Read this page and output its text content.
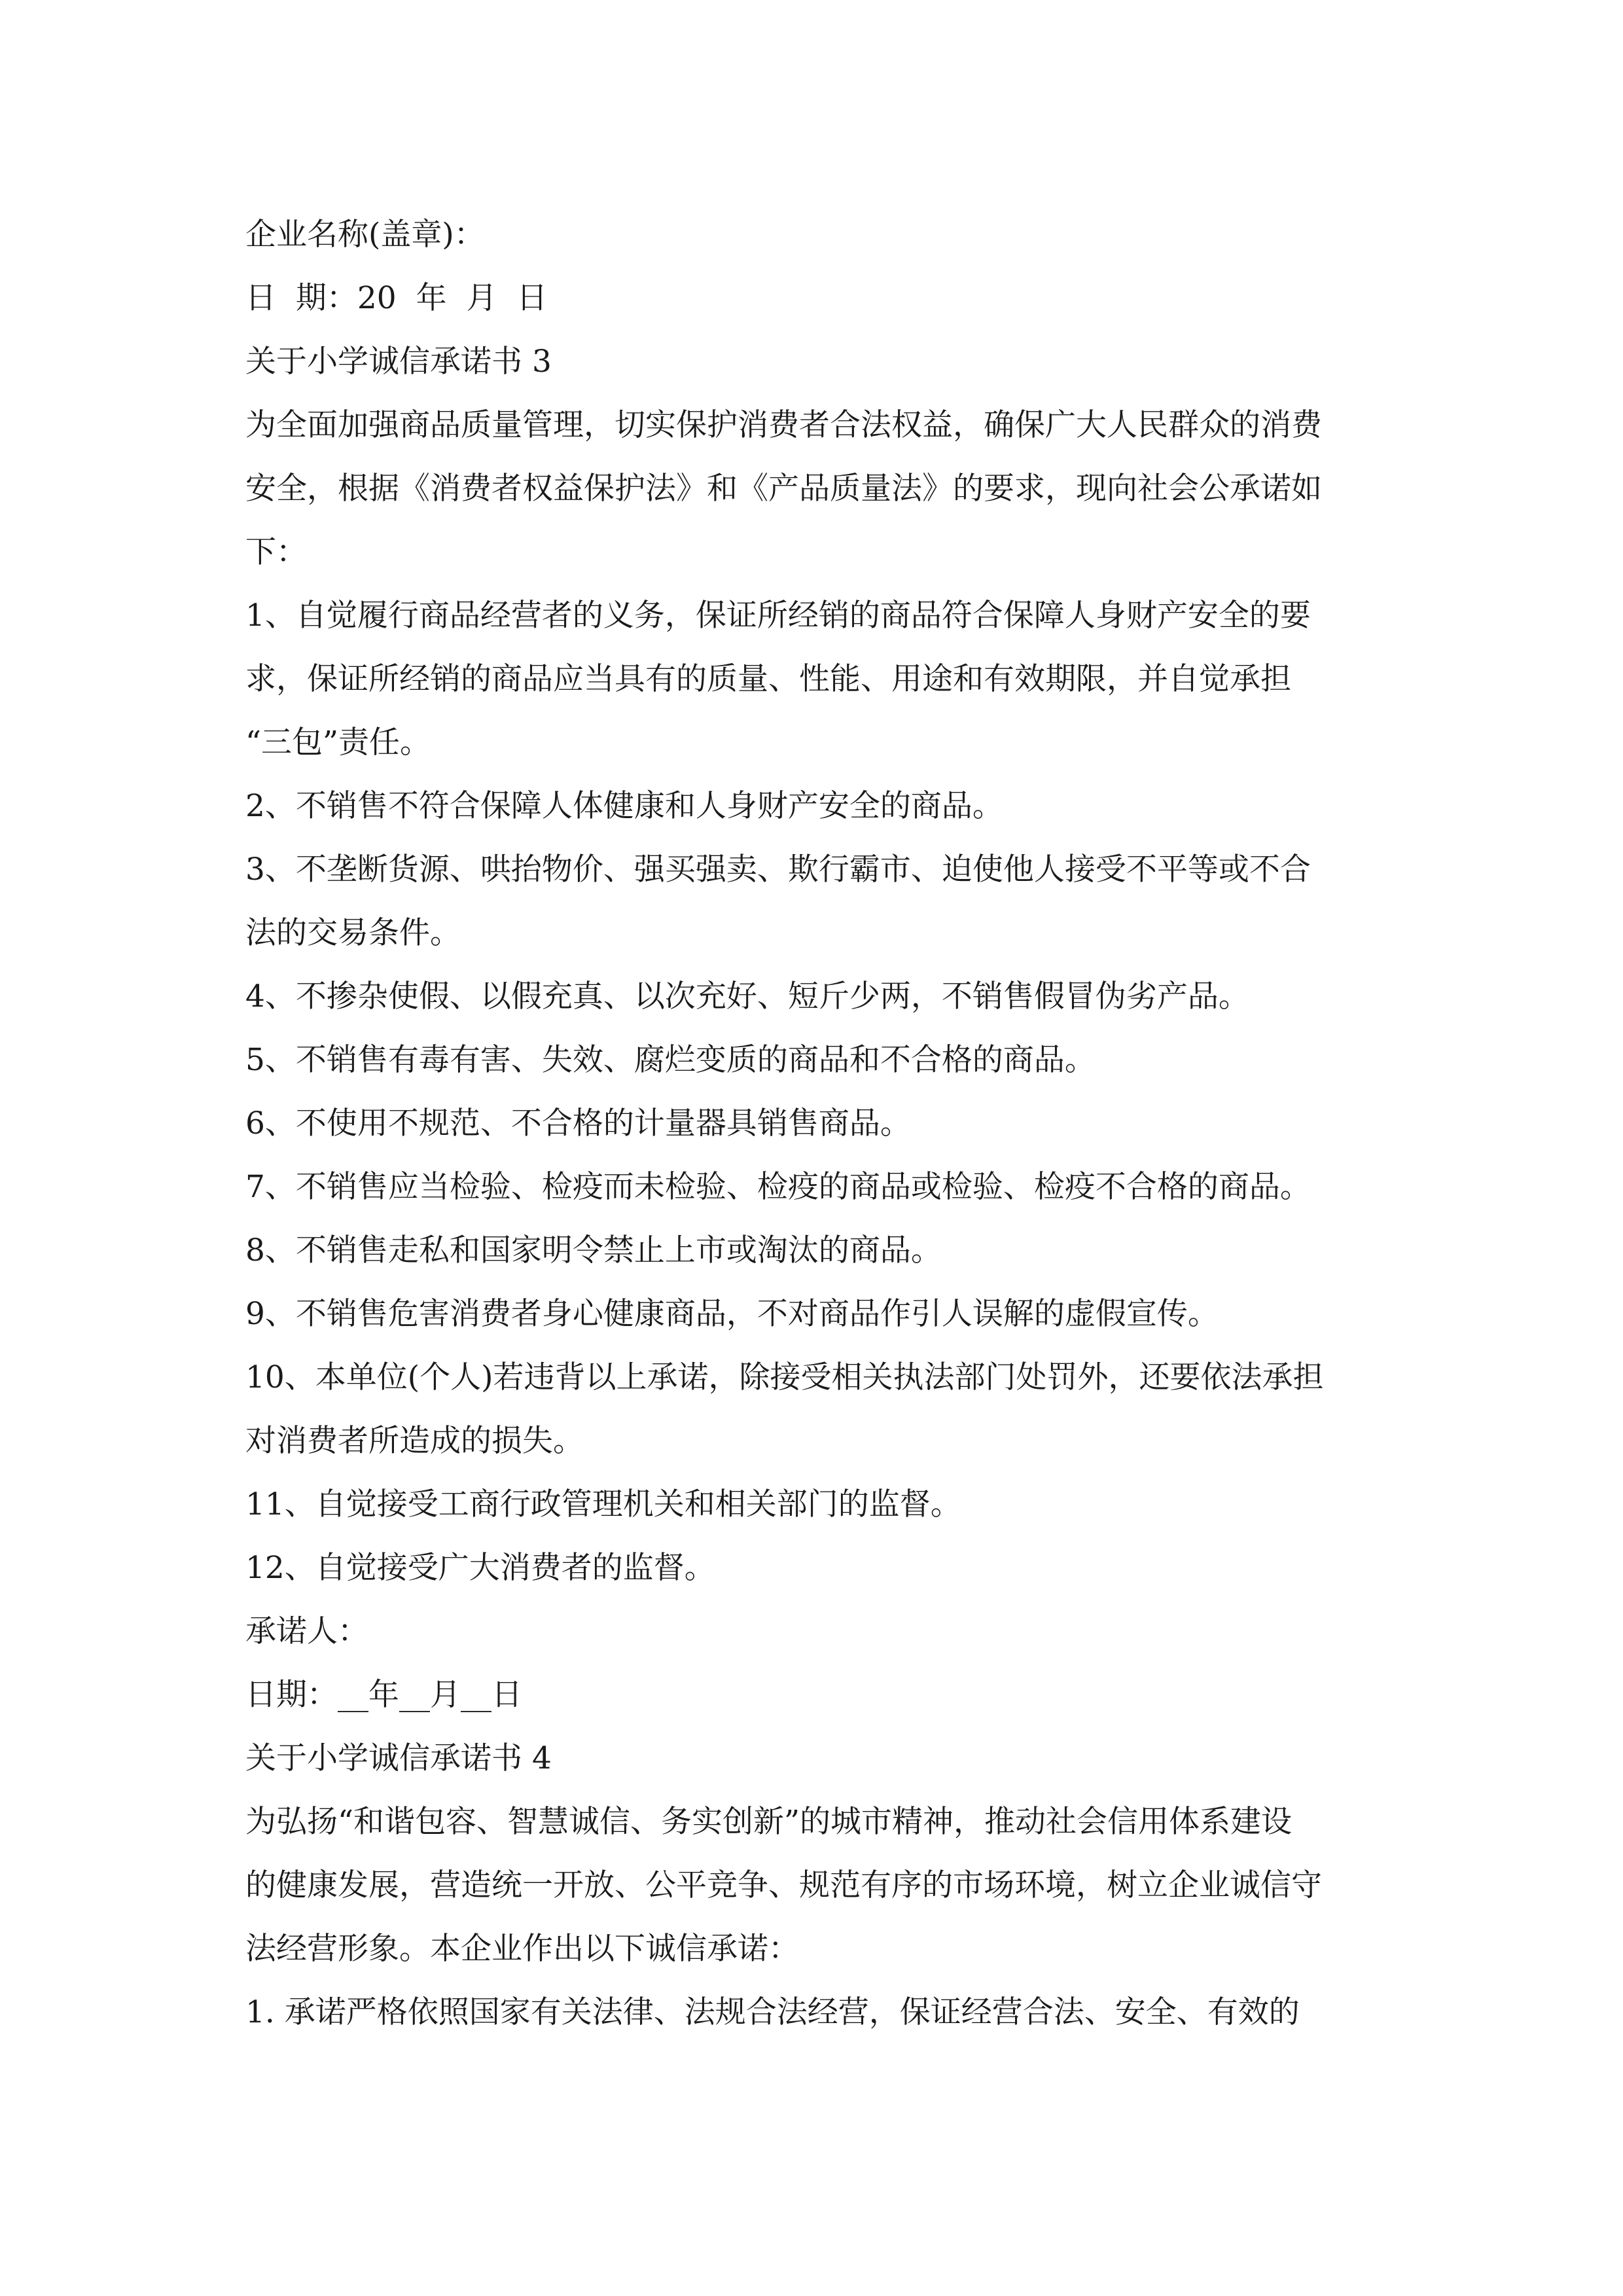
企业名称(盖章)：
日  期：20  年  月  日
关于小学诚信承诺书 3
为全面加强商品质量管理，切实保护消费者合法权益，确保广大人民群众的消费
安全，根据《消费者权益保护法》和《产品质量法》的要求，现向社会公承诺如
下：
1、自觉履行商品经营者的义务，保证所经销的商品符合保障人身财产安全的要
求，保证所经销的商品应当具有的质量、性能、用途和有效期限，并自觉承担
“三包”责任。
2、不销售不符合保障人体健康和人身财产安全的商品。
3、不垄断货源、哄抬物价、强买强卖、欺行霸市、迫使他人接受不平等或不合
法的交易条件。
4、不掺杂使假、以假充真、以次充好、短斤少两，不销售假冒伪劣产品。
5、不销售有毒有害、失效、腐烂变质的商品和不合格的商品。
6、不使用不规范、不合格的计量器具销售商品。
7、不销售应当检验、检疫而未检验、检疫的商品或检验、检疫不合格的商品。
8、不销售走私和国家明令禁止上市或淘汰的商品。
9、不销售危害消费者身心健康商品，不对商品作引人误解的虚假宣传。
10、本单位(个人)若违背以上承诺，除接受相关执法部门处罚外，还要依法承担
对消费者所造成的损失。
11、自觉接受工商行政管理机关和相关部门的监督。
12、自觉接受广大消费者的监督。
承诺人：
日期：__年__月__日
关于小学诚信承诺书 4
为弘扬“和谐包容、智慧诚信、务实创新”的城市精神，推动社会信用体系建设
的健康发展，营造统一开放、公平竞争、规范有序的市场环境，树立企业诚信守
法经营形象。本企业作出以下诚信承诺：
1. 承诺严格依照国家有关法律、法规合法经营，保证经营合法、安全、有效的
